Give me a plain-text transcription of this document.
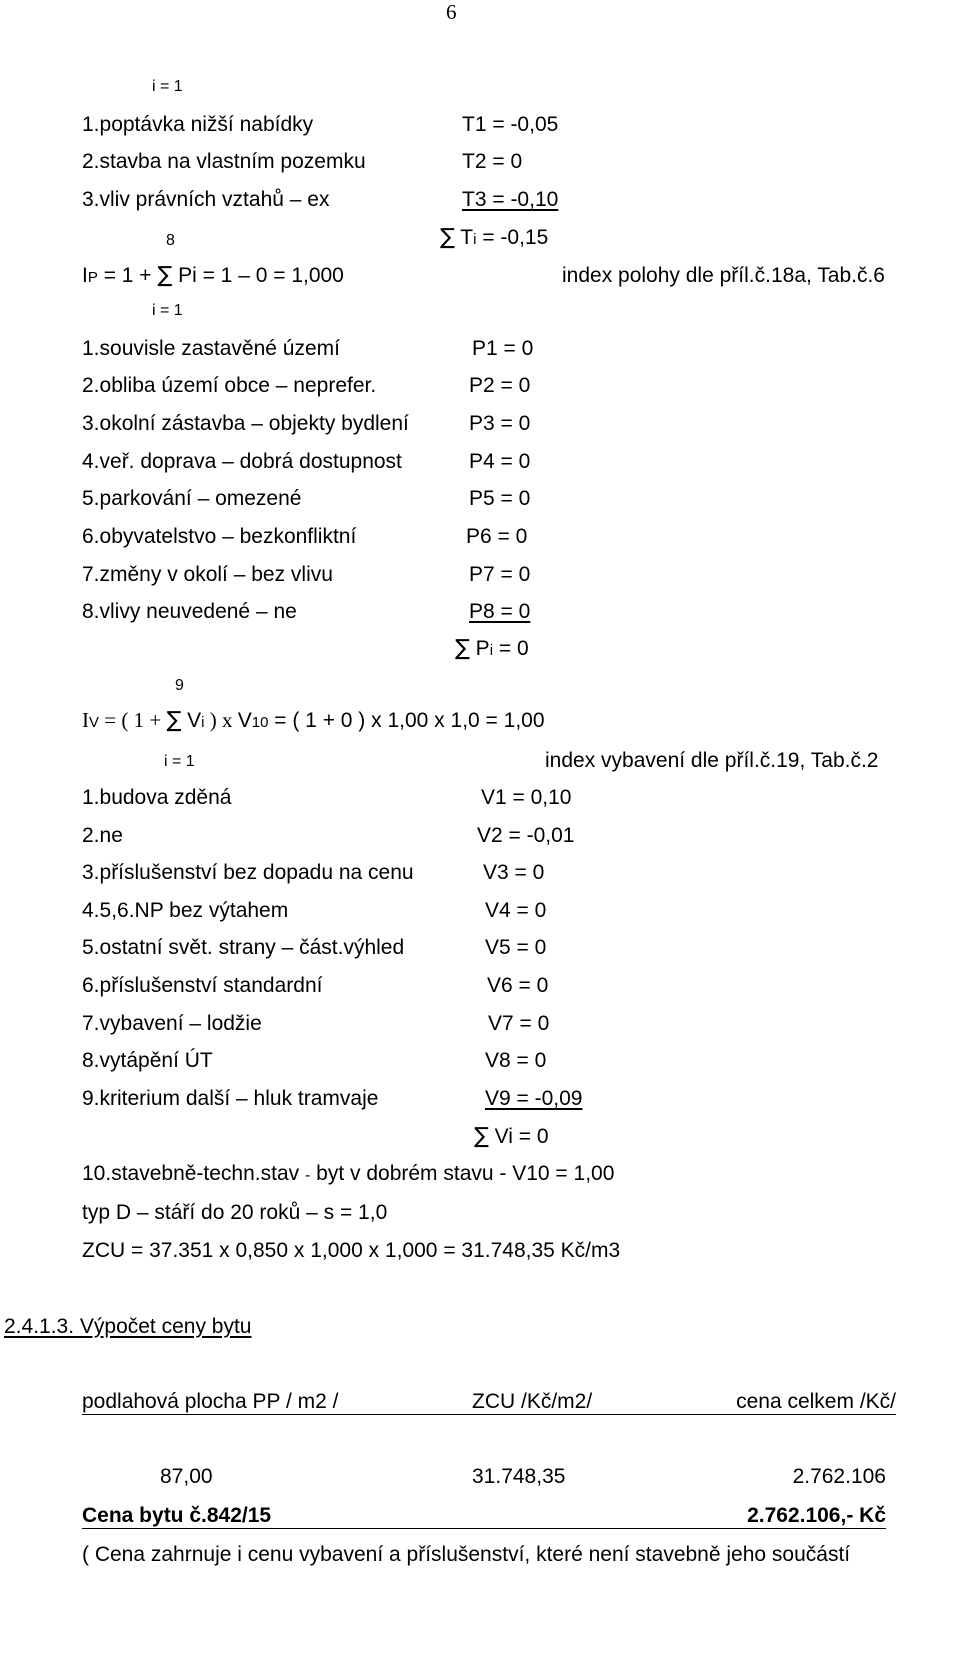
6
i = 1
1.poptávka nižší nabídky	T1 = -0,05
2.stavba na vlastním pozemku	T2 = 0
3.vliv právních vztahů – ex	T3 = -0,10
8	∑ Ti = -0,15
IP = 1 + ∑ Pi = 1 – 0 = 1,000	index polohy dle příl.č.18a, Tab.č.6
i = 1
1.souvisle zastavěné území	P1 = 0
2.obliba území obce – neprefer.	P2 = 0
3.okolní zástavba – objekty bydlení	P3 = 0
4.veř. doprava – dobrá dostupnost	P4 = 0
5.parkování – omezené	P5 = 0
6.obyvatelstvo – bezkonfliktní	P6 = 0
7.změny v okolí – bez vlivu	P7 = 0
8.vlivy neuvedené – ne	P8 = 0
∑ Pi = 0
9
IV = ( 1 + ∑ Vi ) x V10 = ( 1 + 0 ) x 1,00 x 1,0 = 1,00
i = 1	index vybavení dle příl.č.19, Tab.č.2
1.budova zděná	V1 = 0,10
2.ne	V2 = -0,01
3.příslušenství bez dopadu na cenu	V3 = 0
4.5,6.NP bez výtahem	V4 = 0
5.ostatní svět. strany – část.výhled	V5 = 0
6.příslušenství standardní	V6 = 0
7.vybavení – lodžie	V7 = 0
8.vytápění ÚT	V8 = 0
9.kriterium další – hluk tramvaje	V9 = -0,09
∑ Vi = 0
10.stavebně-techn.stav - byt v dobrém stavu - V10 = 1,00
typ D – stáří do 20 roků – s = 1,0
ZCU = 37.351 x 0,850 x 1,000 x 1,000 = 31.748,35 Kč/m3
2.4.1.3. Výpočet ceny bytu
podlahová plocha PP / m2 /	ZCU /Kč/m2/	cena celkem /Kč/
87,00	31.748,35	2.762.106
Cena bytu č.842/15	2.762.106,- Kč
( Cena zahrnuje i cenu vybavení a příslušenství, které není stavebně jeho součástí
